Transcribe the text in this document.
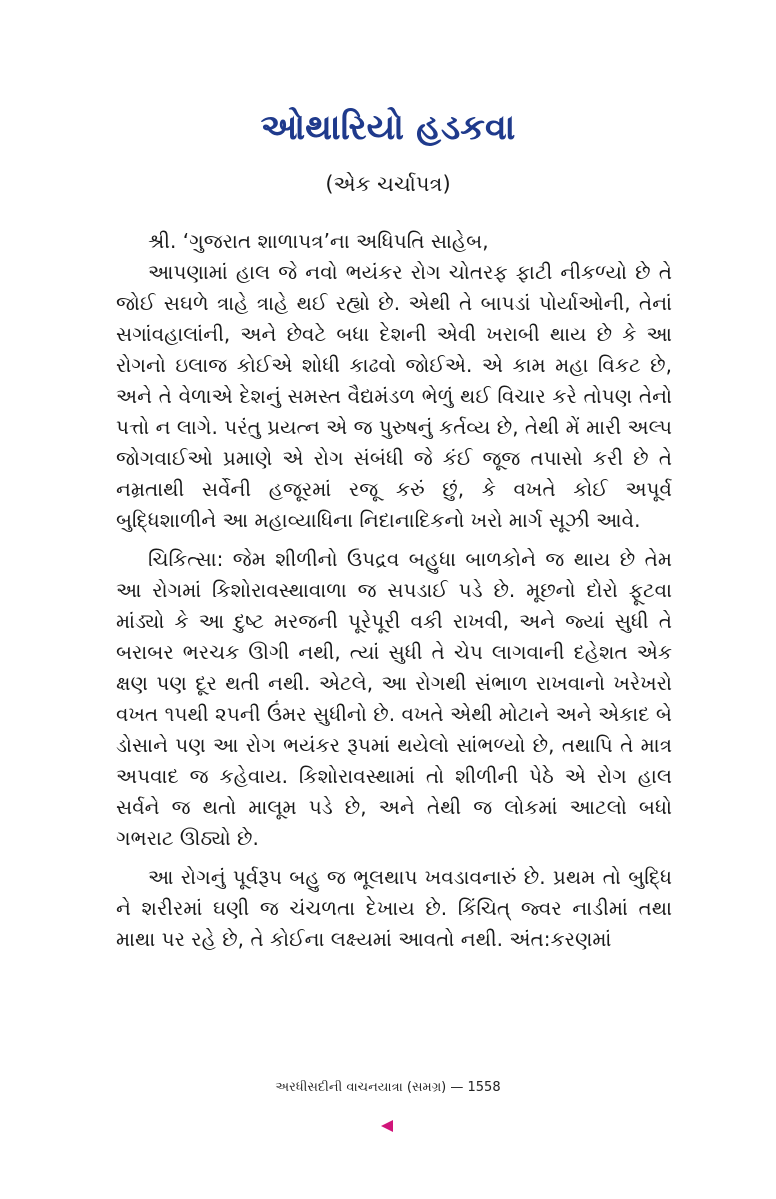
ઓથારિયો હડકવા
(એક ચર્ચાપત્ર)

શ્રી. ‘ગુજરાત શાળાપત્ર’ના અધિપતિ સાહેબ,

આપણામાં હાલ જે નવો ભયંકર રોગ ચોતરફ ફાટી નીકળ્યો છે તે જોઈ સઘળે ત્રાહે ત્રાહે થઈ રહ્યો છે. એથી તે બાપડાં પોર્યાઓની, તેનાં સગાંવહાલાંની, અને છેવટે બધા દેશની એવી ખરાબી થાય છે કે આ રોગનો ઇલાજ કોઈએ શોધી કાઢવો જોઈએ. એ કામ મહા વિકટ છે, અને તે વેળાએ દેશનું સમસ્ત વૈદ્યમંડળ ભેળું થઈ વિચાર કરે તોપણ તેનો પત્તો ન લાગે. પરંતુ પ્રયત્ન એ જ પુરુષનું કર્તવ્ય છે, તેથી મેં મારી અલ્પ જોગવાઈઓ પ્રમાણે એ રોગ સંબંધી જે કંઈ જૂજ તપાસો કરી છે તે નમ્રતાથી સર્વેની હજૂરમાં રજૂ કરું છું, કે વખતે કોઈ અપૂર્વ બુદ્ધિશાળીને આ મહાવ્યાધિના નિદાનાદિકનો ખરો માર્ગ સૂઝી આવે.

ચિકિત્સા: જેમ શીળીનો ઉપદ્રવ બહુધા બાળકોને જ થાય છે તેમ આ રોગમાં કિશોરાવસ્થાવાળા જ સપડાઈ પડે છે. મૂછનો દોરો ફૂટવા માંડ્યો કે આ દુષ્ટ મરજની પૂરેપૂરી વકી રાખવી, અને જ્યાં સુધી તે બરાબર ભરચક ઊગી નથી, ત્યાં સુધી તે ચેપ લાગવાની દહેશત એક ક્ષણ પણ દૂર થતી નથી. એટલે, આ રોગથી સંભાળ રાખવાનો ખરેખરો વખત ૧૫થી ૨૫ની ઉંમર સુધીનો છે. વખતે એથી મોટાને અને એકાદ બે ડોસાને પણ આ રોગ ભયંકર રૂપમાં થયેલો સાંભળ્યો છે, તથાપિ તે માત્ર અપવાદ જ કહેવાય. કિશોરાવસ્થામાં તો શીળીની પેઠે એ રોગ હાલ સર્વને જ થતો માલૂમ પડે છે, અને તેથી જ લોકમાં આટલો બધો ગભરાટ ઊઠ્યો છે.

આ રોગનું પૂર્વરૂપ બહુ જ ભૂલથાપ ખવડાવનારું છે. પ્રથમ તો બુદ્ધિ ને શરીરમાં ઘણી જ ચંચળતા દેખાય છે. કિંચિત્ જ્વર નાડીમાં તથા માથા પર રહે છે, તે કોઈના લક્ષ્યમાં આવતો નથી. અંત:કરણમાં

અરધીસદીની વાચનયાત્રા (સમગ્ર) — 1558
